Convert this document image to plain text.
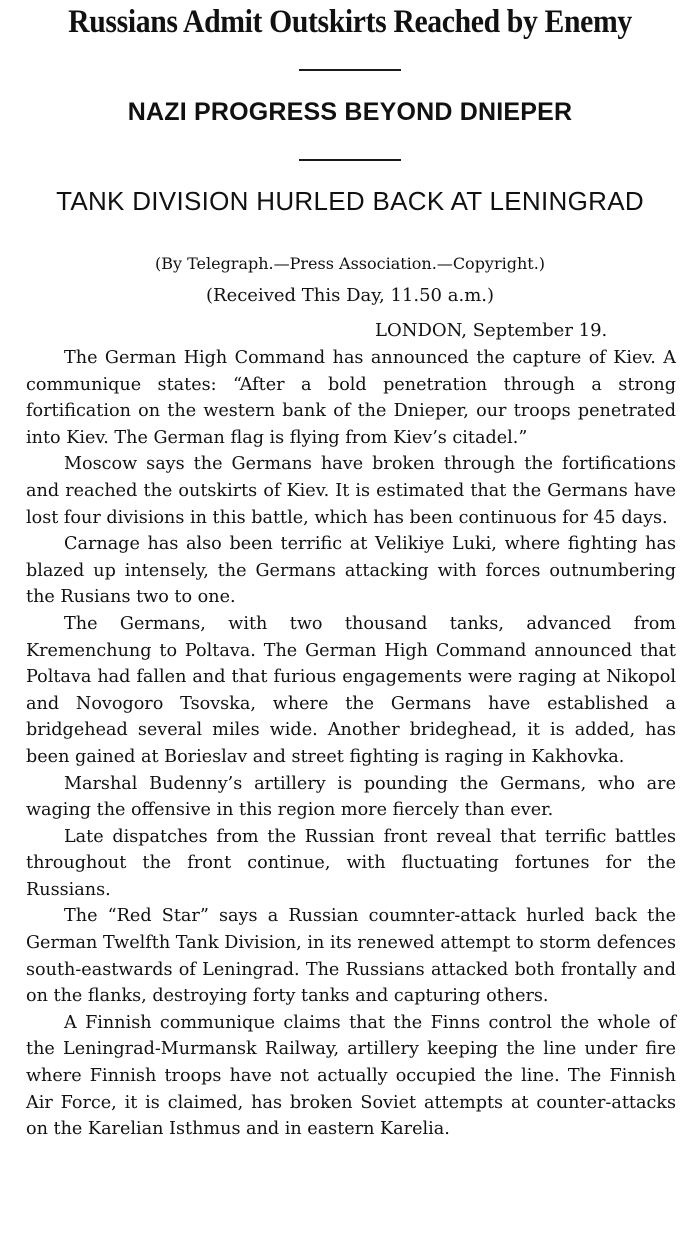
Russians Admit Outskirts Reached by Enemy
NAZI PROGRESS BEYOND DNIEPER
TANK DIVISION HURLED BACK AT LENINGRAD
(By Telegraph.—Press Association.—Copyright.)
(Received This Day, 11.50 a.m.)
LONDON, September 19.

The German High Command has announced the capture of Kiev. A communique states: “After a bold penetration through a strong fortification on the western bank of the Dnieper, our troops penetrated into Kiev. The German flag is flying from Kiev’s citadel.”

Moscow says the Germans have broken through the fortifications and reached the outskirts of Kiev. It is estimated that the Germans have lost four divisions in this battle, which has been continuous for 45 days.

Carnage has also been terrific at Velikiye Luki, where fighting has blazed up intensely, the Germans attacking with forces outnumbering the Rusians two to one.

The Germans, with two thousand tanks, advanced from Kremenchung to Poltava. The German High Command announced that Poltava had fallen and that furious engagements were raging at Nikopol and Novogoro Tsovska, where the Germans have established a bridgehead several miles wide. Another brideghead, it is added, has been gained at Borieslav and street fighting is raging in Kakhovka.

Marshal Budenny’s artillery is pounding the Germans, who are waging the offensive in this region more fiercely than ever.

Late dispatches from the Russian front reveal that terrific battles throughout the front continue, with fluctuating fortunes for the Russians.

The “Red Star” says a Russian coumnter-attack hurled back the German Twelfth Tank Division, in its renewed attempt to storm defences south-eastwards of Leningrad. The Russians attacked both frontally and on the flanks, destroying forty tanks and capturing others.

A Finnish communique claims that the Finns control the whole of the Leningrad-Murmansk Railway, artillery keeping the line under fire where Finnish troops have not actually occupied the line. The Finnish Air Force, it is claimed, has broken Soviet attempts at counter-attacks on the Karelian Isthmus and in eastern Karelia.
